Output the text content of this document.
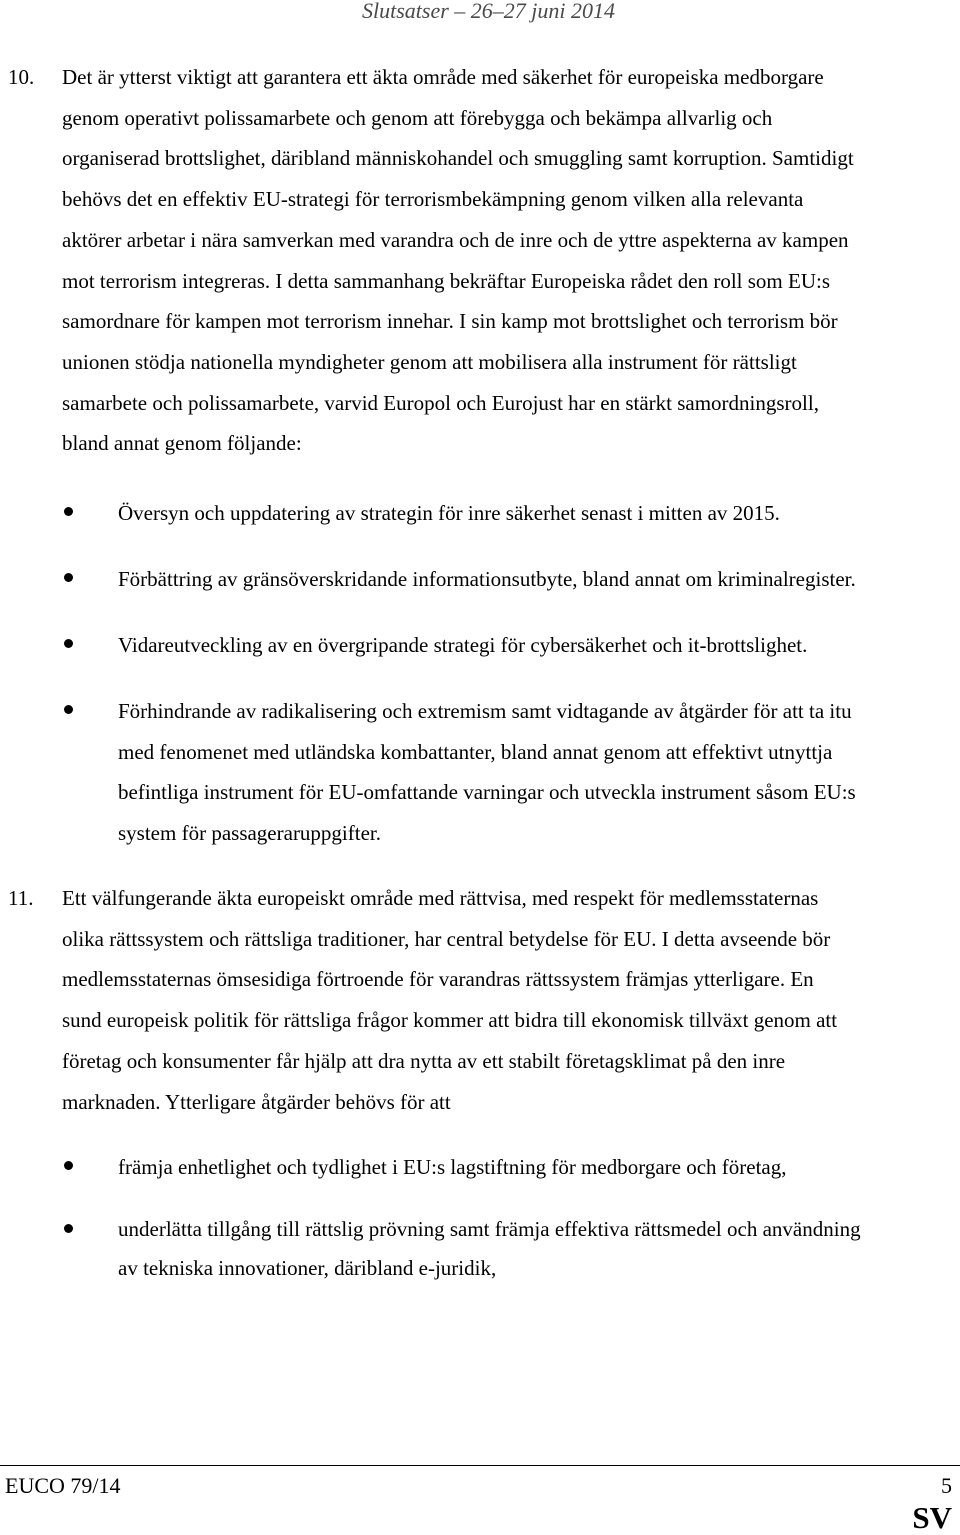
Slutsatser – 26–27 juni 2014
10. Det är ytterst viktigt att garantera ett äkta område med säkerhet för europeiska medborgare
genom operativt polissamarbete och genom att förebygga och bekämpa allvarlig och
organiserad brottslighet, däribland människohandel och smuggling samt korruption. Samtidigt
behövs det en effektiv EU-strategi för terrorismbekämpning genom vilken alla relevanta
aktörer arbetar i nära samverkan med varandra och de inre och de yttre aspekterna av kampen
mot terrorism integreras. I detta sammanhang bekräftar Europeiska rådet den roll som EU:s
samordnare för kampen mot terrorism innehar. I sin kamp mot brottslighet och terrorism bör
unionen stödja nationella myndigheter genom att mobilisera alla instrument för rättsligt
samarbete och polissamarbete, varvid Europol och Eurojust har en stärkt samordningsroll,
bland annat genom följande:
Översyn och uppdatering av strategin för inre säkerhet senast i mitten av 2015.
Förbättring av gränsöverskridande informationsutbyte, bland annat om kriminalregister.
Vidareutveckling av en övergripande strategi för cybersäkerhet och it-brottslighet.
Förhindrande av radikalisering och extremism samt vidtagande av åtgärder för att ta itu
med fenomenet med utländska kombattanter, bland annat genom att effektivt utnyttja
befintliga instrument för EU-omfattande varningar och utveckla instrument såsom EU:s
system för passageraruppgifter.
11. Ett välfungerande äkta europeiskt område med rättvisa, med respekt för medlemsstaternas
olika rättssystem och rättsliga traditioner, har central betydelse för EU. I detta avseende bör
medlemsstaternas ömsesidiga förtroende för varandras rättssystem främjas ytterligare. En
sund europeisk politik för rättsliga frågor kommer att bidra till ekonomisk tillväxt genom att
företag och konsumenter får hjälp att dra nytta av ett stabilt företagsklimat på den inre
marknaden. Ytterligare åtgärder behövs för att
främja enhetlighet och tydlighet i EU:s lagstiftning för medborgare och företag,
underlätta tillgång till rättslig prövning samt främja effektiva rättsmedel och användning
av tekniska innovationer, däribland e-juridik,
EUCO 79/14	5
SV
